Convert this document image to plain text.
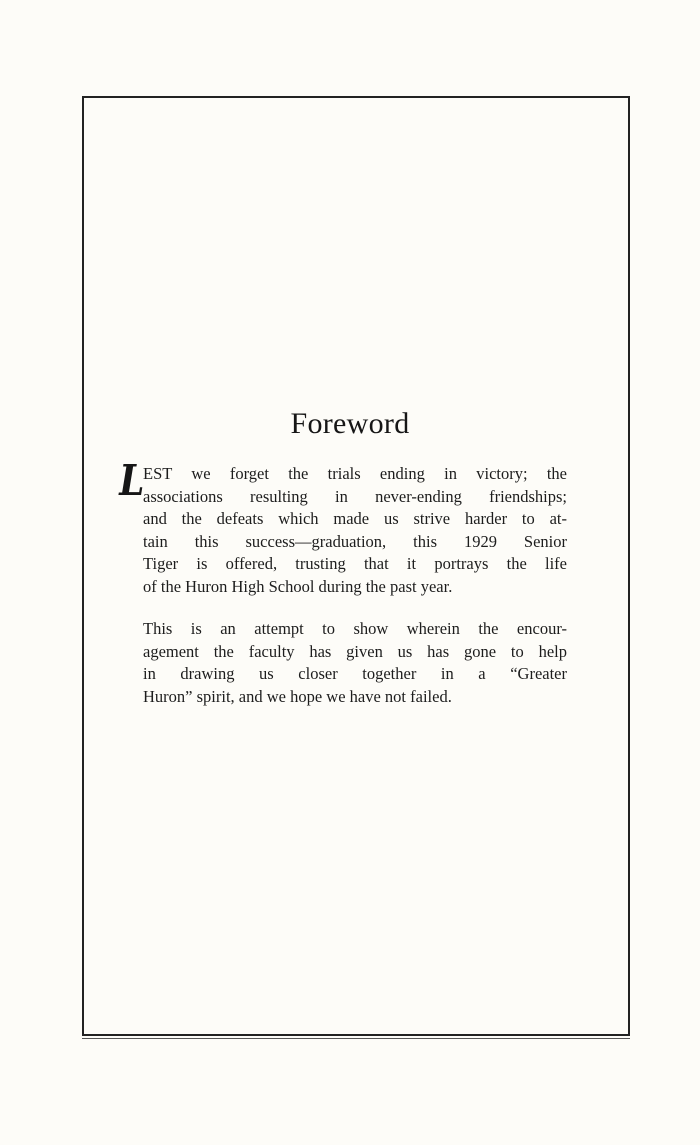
Foreword
L

EST we forget the trials ending in victory; the
associations resulting in never-ending friendships;
and the defeats which made us strive harder to at-
tain this success—graduation, this 1929 Senior
Tiger is offered, trusting that it portrays the life
of the Huron High School during the past year.

This is an attempt to show wherein the encour-
agement the faculty has given us has gone to help
in drawing us closer together in a “Greater
Huron” spirit, and we hope we have not failed.
